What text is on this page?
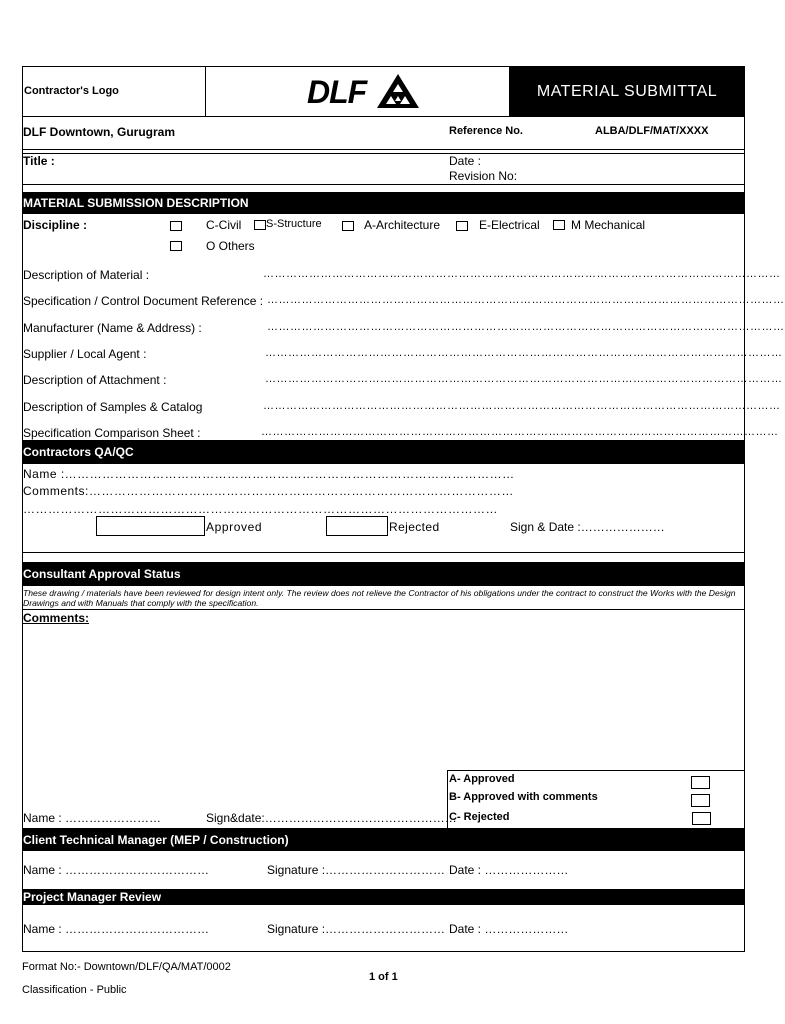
Contractor's Logo	DLF	MATERIAL SUBMITTAL
DLF Downtown, Gurugram	Reference No.	ALBA/DLF/MAT/XXXX
Title :	Date :
Revision No:
MATERIAL SUBMISSION DESCRIPTION
Discipline :	C-Civil S-Structure	A-Architecture	E-Electrical	M Mechanical
O Others
Description of Material :	………………………………………………………………………………………………………………………
Specification / Control Document Reference : ………………………………………………………………………………………………………………………
Manufacturer (Name & Address) :	………………………………………………………………………………………………………………………
Supplier / Local Agent :	………………………………………………………………………………………………………………………
Description of Attachment :	………………………………………………………………………………………………………………………
Description of Samples & Catalog	………………………………………………………………………………………………………………………
Specification Comparison Sheet :	………………………………………………………………………………………………………………………
Contractors QA/QC
Name :………………………………………………………………………………………………
Comments:…………………………………………………………………………………………
……………………………………………………………………………………………………
Approved	Rejected	Sign & Date :…………………
Consultant Approval Status
These drawing / materials have been reviewed for design intent only. The review does not relieve the Contractor of his obligations under the contract to construct the Works with the Design Drawings and with Manuals that comply with the specification.
Comments:
A- Approved
B- Approved with comments
C- Rejected
Name : ……………………	Sign&date:…………………………………………
Client Technical Manager (MEP / Construction)
Name : ………………………………	Signature :………………………… Date : …………………
Project Manager Review
Name : ………………………………	Signature :………………………… Date : …………………
Format No:- Downtown/DLF/QA/MAT/0002
1 of 1
Classification - Public
